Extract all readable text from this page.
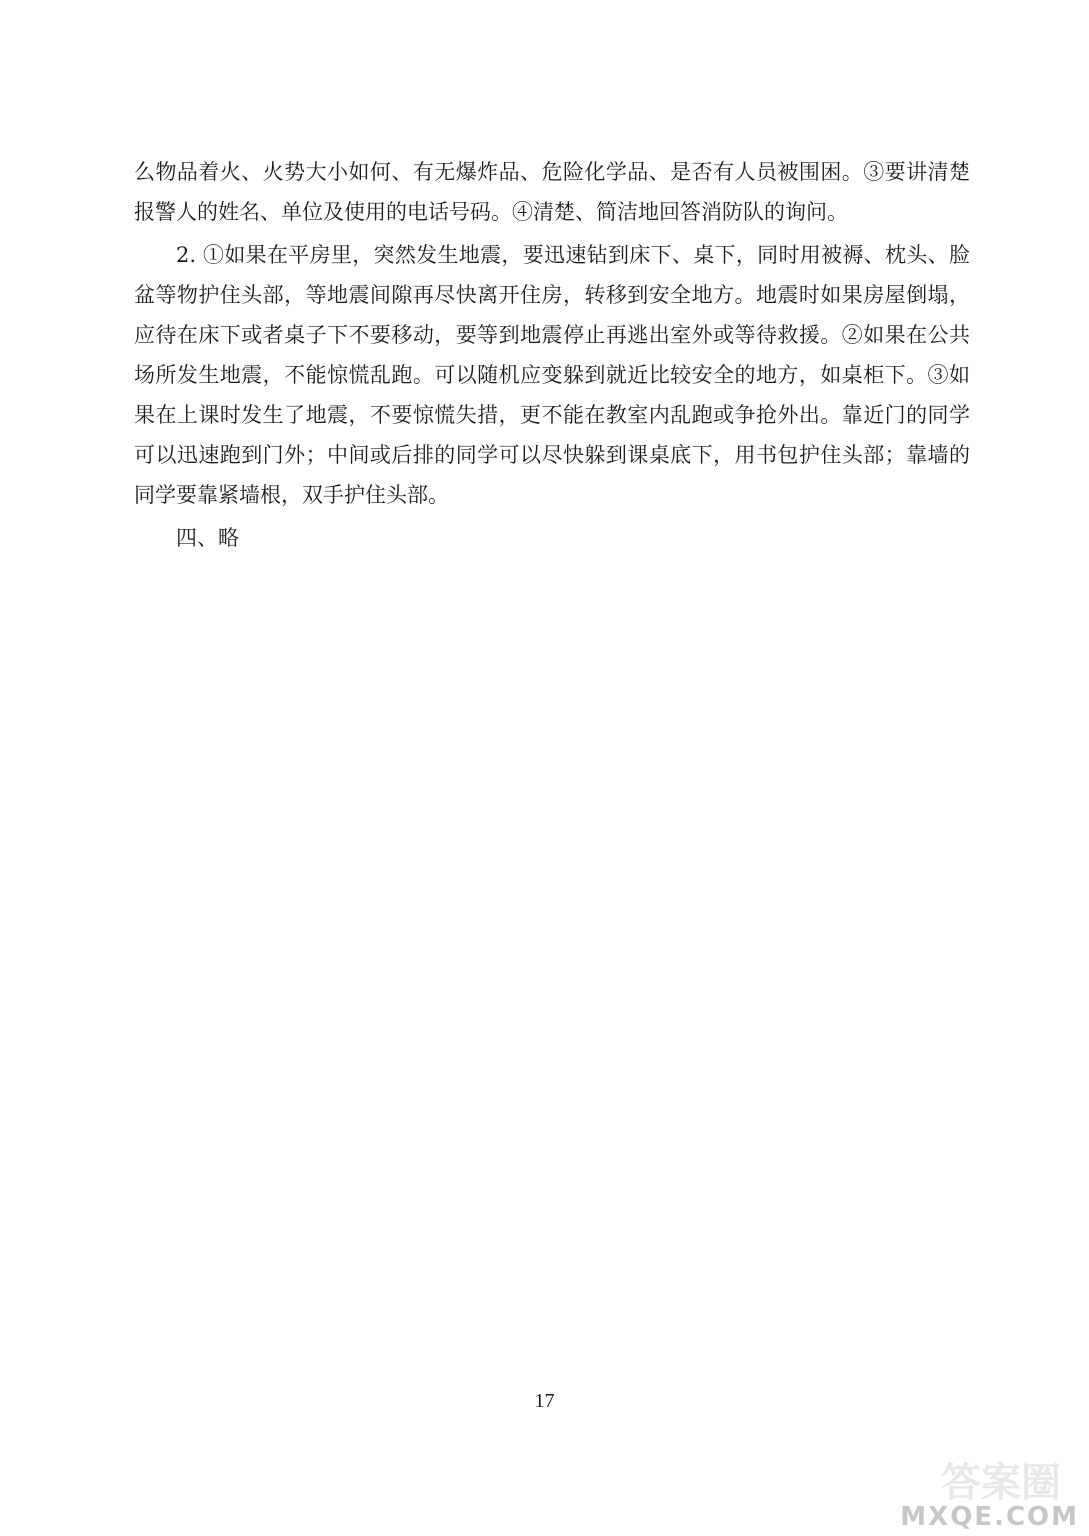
么物品着火、火势大小如何、有无爆炸品、危险化学品、是否有人员被围困。③要讲清楚报警人的姓名、单位及使用的电话号码。④清楚、简洁地回答消防队的询问。

2. ①如果在平房里，突然发生地震，要迅速钻到床下、桌下，同时用被褥、枕头、脸盆等物护住头部，等地震间隙再尽快离开住房，转移到安全地方。地震时如果房屋倒塌，应待在床下或者桌子下不要移动，要等到地震停止再逃出室外或等待救援。②如果在公共场所发生地震，不能惊慌乱跑。可以随机应变躲到就近比较安全的地方，如桌柜下。③如果在上课时发生了地震，不要惊慌失措，更不能在教室内乱跑或争抢外出。靠近门的同学可以迅速跑到门外；中间或后排的同学可以尽快躲到课桌底下，用书包护住头部；靠墙的同学要靠紧墙根，双手护住头部。

四、略

17
答案圈
MXQE.COM
